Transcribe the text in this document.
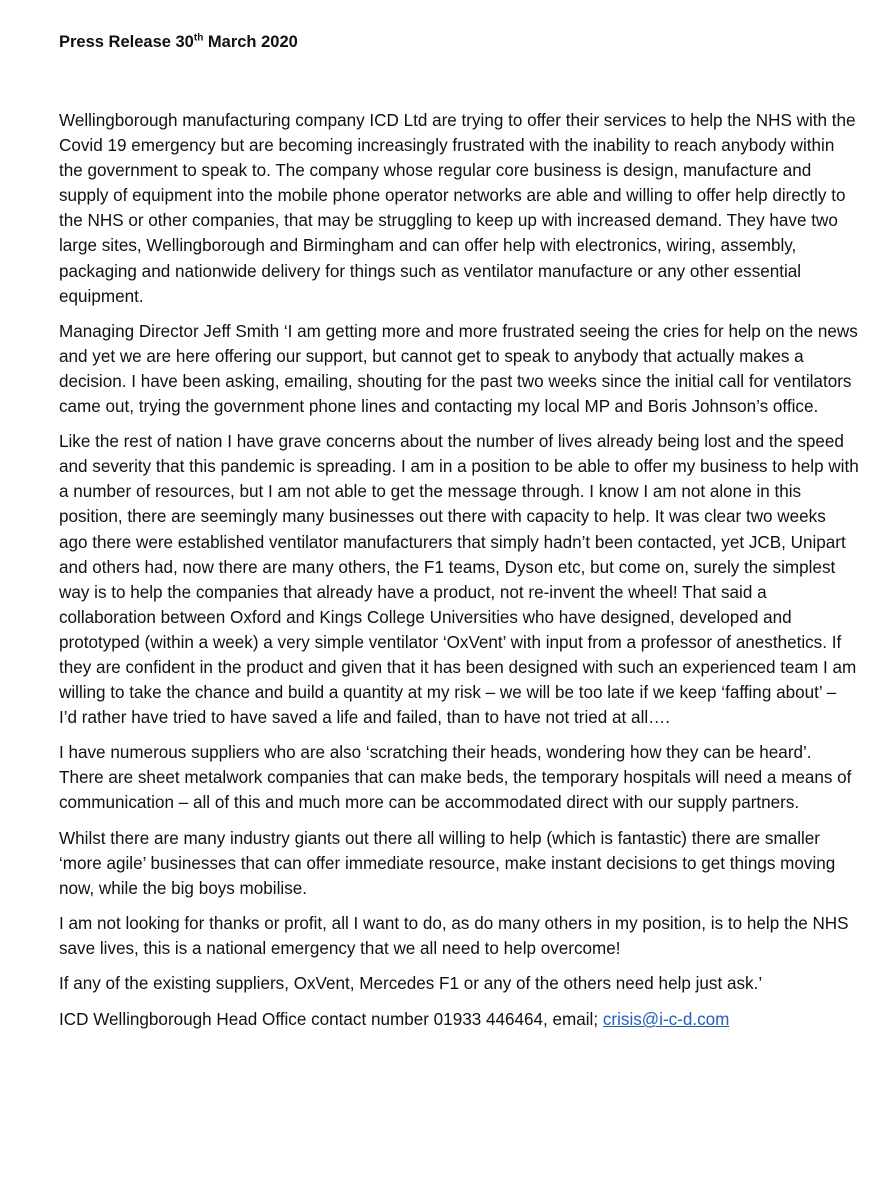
Press Release 30th March 2020

Wellingborough manufacturing company ICD Ltd are trying to offer their services to help the NHS with the Covid 19 emergency but are becoming increasingly frustrated with the inability to reach anybody within the government to speak to. The company whose regular core business is design, manufacture and supply of equipment into the mobile phone operator networks are able and willing to offer help directly to the NHS or other companies, that may be struggling to keep up with increased demand. They have two large sites, Wellingborough and Birmingham and can offer help with electronics, wiring, assembly, packaging and nationwide delivery for things such as ventilator manufacture or any other essential equipment.

Managing Director Jeff Smith ‘I am getting more and more frustrated seeing the cries for help on the news and yet we are here offering our support, but cannot get to speak to anybody that actually makes a decision. I have been asking, emailing, shouting for the past two weeks since the initial call for ventilators came out, trying the government phone lines and contacting my local MP and Boris Johnson’s office.

Like the rest of nation I have grave concerns about the number of lives already being lost and the speed and severity that this pandemic is spreading. I am in a position to be able to offer my business to help with a number of resources, but I am not able to get the message through. I know I am not alone in this position, there are seemingly many businesses out there with capacity to help. It was clear two weeks ago there were established ventilator manufacturers that simply hadn’t been contacted, yet JCB, Unipart and others had, now there are many others, the F1 teams, Dyson etc, but come on, surely the simplest way is to help the companies that already have a product, not re-invent the wheel! That said a collaboration between Oxford and Kings College Universities who have designed, developed and prototyped (within a week) a very simple ventilator ‘OxVent’ with input from a professor of anesthetics. If they are confident in the product and given that it has been designed with such an experienced team I am willing to take the chance and build a quantity at my risk – we will be too late if we keep ‘faffing about’ – I’d rather have tried to have saved a life and failed, than to have not tried at all….

I have numerous suppliers who are also ‘scratching their heads, wondering how they can be heard’. There are sheet metalwork companies that can make beds, the temporary hospitals will need a means of communication – all of this and much more can be accommodated direct with our supply partners.

Whilst there are many industry giants out there all willing to help (which is fantastic) there are smaller ‘more agile’ businesses that can offer immediate resource, make instant decisions to get things moving now, while the big boys mobilise.

I am not looking for thanks or profit, all I want to do, as do many others in my position, is to help the NHS save lives, this is a national emergency that we all need to help overcome!

If any of the existing suppliers, OxVent, Mercedes F1 or any of the others need help just ask.’

ICD Wellingborough Head Office contact number 01933 446464, email; crisis@i-c-d.com
